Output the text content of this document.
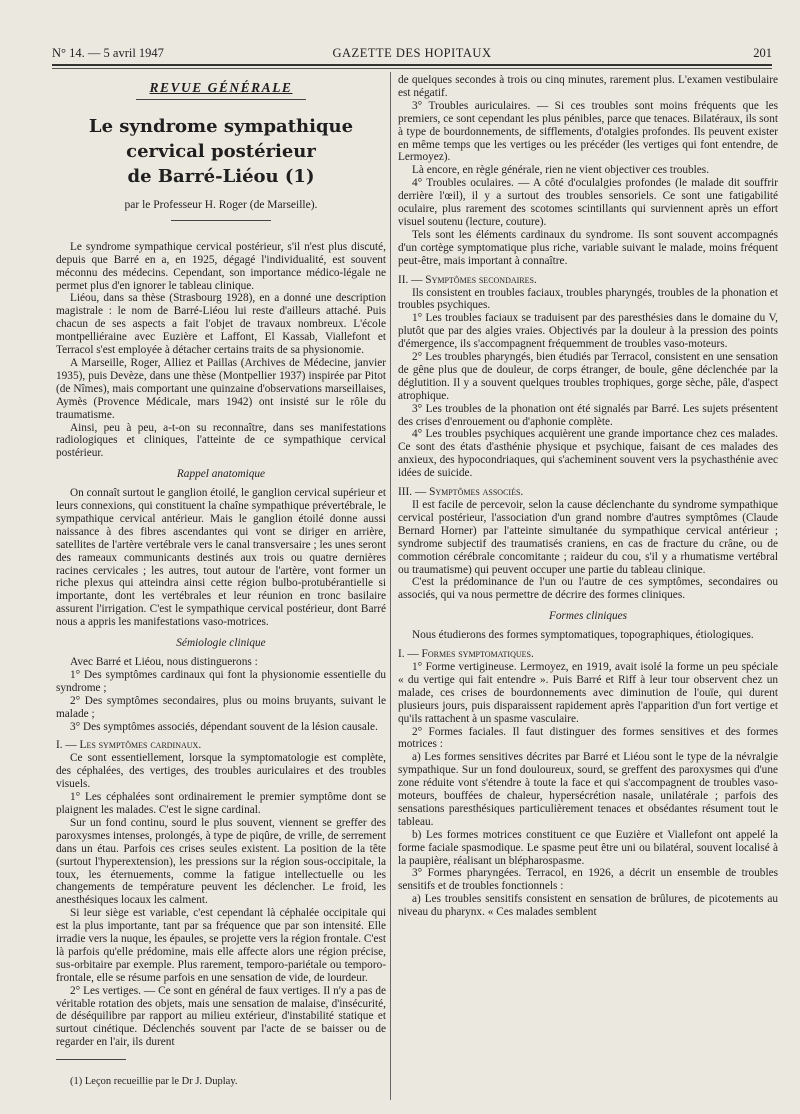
N° 14. — 5 avril 1947	GAZETTE DES HOPITAUX	201
REVUE GÉNÉRALE
Le syndrome sympathique cervical postérieur
de Barré-Liéou (1)
par le Professeur H. Roger (de Marseille).

Le syndrome sympathique cervical postérieur, s'il n'est plus discuté, depuis que Barré en a, en 1925, dégagé l'individualité, est souvent méconnu des médecins. Cependant, son importance médico-légale ne permet plus d'en ignorer le tableau clinique.

Liéou, dans sa thèse (Strasbourg 1928), en a donné une description magistrale : le nom de Barré-Liéou lui reste d'ailleurs attaché. Puis chacun de ses aspects a fait l'objet de travaux nombreux. L'école montpelliéraine avec Euzière et Laffont, El Kassab, Viallefont et Terracol s'est employée à détacher certains traits de sa physionomie.

A Marseille, Roger, Alliez et Paillas (Archives de Médecine, janvier 1935), puis Devèze, dans une thèse (Montpellier 1937) inspirée par Pitot (de Nîmes), mais comportant une quinzaine d'observations marseillaises, Aymès (Provence Médicale, mars 1942) ont insisté sur le rôle du traumatisme.

Ainsi, peu à peu, a-t-on su reconnaître, dans ses manifestations radiologiques et cliniques, l'atteinte de ce sympathique cervical postérieur.

Rappel anatomique

On connaît surtout le ganglion étoilé, le ganglion cervical supérieur et leurs connexions, qui constituent la chaîne sympathique prévertébrale, le sympathique cervical antérieur. Mais le ganglion étoilé donne aussi naissance à des fibres ascendantes qui vont se diriger en arrière, satellites de l'artère vertébrale vers le canal transversaire ; les unes seront des rameaux communicants destinés aux trois ou quatre dernières racines cervicales ; les autres, tout autour de l'artère, vont former un riche plexus qui atteindra ainsi cette région bulbo-protubérantielle si importante, dont les vertébrales et leur réunion en tronc basilaire assurent l'irrigation. C'est le sympathique cervical postérieur, dont Barré nous a appris les manifestations vaso-motrices.

Sémiologie clinique

Avec Barré et Liéou, nous distinguerons :

1° Des symptômes cardinaux qui font la physionomie essentielle du syndrome ;

2° Des symptômes secondaires, plus ou moins bruyants, suivant le malade ;

3° Des symptômes associés, dépendant souvent de la lésion causale.

I. — Les symptômes cardinaux.

Ce sont essentiellement, lorsque la symptomatologie est complète, des céphalées, des vertiges, des troubles auriculaires et des troubles visuels.

1° Les céphalées sont ordinairement le premier symptôme dont se plaignent les malades. C'est le signe cardinal.

Sur un fond continu, sourd le plus souvent, viennent se greffer des paroxysmes intenses, prolongés, à type de piqûre, de vrille, de serrement dans un étau. Parfois ces crises seules existent. La position de la tête (surtout l'hyperextension), les pressions sur la région sous-occipitale, la toux, les éternuements, comme la fatigue intellectuelle ou les changements de température peuvent les déclencher. Le froid, les anesthésiques locaux les calment.

Si leur siège est variable, c'est cependant là céphalée occipitale qui est la plus importante, tant par sa fréquence que par son intensité. Elle irradie vers la nuque, les épaules, se projette vers la région frontale. C'est là parfois qu'elle prédomine, mais elle affecte alors une région précise, sus-orbitaire par exemple. Plus rarement, temporo-pariétale ou temporo-frontale, elle se résume parfois en une sensation de vide, de lourdeur.

2° Les vertiges. — Ce sont en général de faux vertiges. Il n'y a pas de véritable rotation des objets, mais une sensation de malaise, d'insécurité, de déséquilibre par rapport au milieu extérieur, d'instabilité statique et surtout cinétique. Déclenchés souvent par l'acte de se baisser ou de regarder en l'air, ils durent

(1) Leçon recueillie par le Dr J. Duplay.

de quelques secondes à trois ou cinq minutes, rarement plus. L'examen vestibulaire est négatif.

3° Troubles auriculaires. — Si ces troubles sont moins fréquents que les premiers, ce sont cependant les plus pénibles, parce que tenaces. Bilatéraux, ils sont à type de bourdonnements, de sifflements, d'otalgies profondes. Ils peuvent exister en même temps que les vertiges ou les précéder (les vertiges qui font entendre, de Lermoyez).

Là encore, en règle générale, rien ne vient objectiver ces troubles.

4° Troubles oculaires. — A côté d'oculalgies profondes (le malade dit souffrir derrière l'œil), il y a surtout des troubles sensoriels. Ce sont une fatigabilité oculaire, plus rarement des scotomes scintillants qui surviennent après un effort visuel soutenu (lecture, couture).

Tels sont les éléments cardinaux du syndrome. Ils sont souvent accompagnés d'un cortège symptomatique plus riche, variable suivant le malade, moins fréquent peut-être, mais important à connaître.

II. — Symptômes secondaires.

Ils consistent en troubles faciaux, troubles pharyngés, troubles de la phonation et troubles psychiques.

1° Les troubles faciaux se traduisent par des paresthésies dans le domaine du V, plutôt que par des algies vraies. Objectivés par la douleur à la pression des points d'émergence, ils s'accompagnent fréquemment de troubles vaso-moteurs.

2° Les troubles pharyngés, bien étudiés par Terracol, consistent en une sensation de gêne plus que de douleur, de corps étranger, de boule, gêne déclenchée par la déglutition. Il y a souvent quelques troubles trophiques, gorge sèche, pâle, d'aspect atrophique.

3° Les troubles de la phonation ont été signalés par Barré. Les sujets présentent des crises d'enrouement ou d'aphonie complète.

4° Les troubles psychiques acquièrent une grande importance chez ces malades. Ce sont des états d'asthénie physique et psychique, faisant de ces malades des anxieux, des hypocondriaques, qui s'acheminent souvent vers la psychasthénie avec idées de suicide.

III. — Symptômes associés.

Il est facile de percevoir, selon la cause déclenchante du syndrome sympathique cervical postérieur, l'association d'un grand nombre d'autres symptômes (Claude Bernard Horner) par l'atteinte simultanée du sympathique cervical antérieur ; syndrome subjectif des traumatisés craniens, en cas de fracture du crâne, ou de commotion cérébrale concomitante ; raideur du cou, s'il y a rhumatisme vertébral ou traumatisme) qui peuvent occuper une partie du tableau clinique.

C'est la prédominance de l'un ou l'autre de ces symptômes, secondaires ou associés, qui va nous permettre de décrire des formes cliniques.

Formes cliniques

Nous étudierons des formes symptomatiques, topographiques, étiologiques.

I. — Formes symptomatiques.

1° Forme vertigineuse. Lermoyez, en 1919, avait isolé la forme un peu spéciale « du vertige qui fait entendre ». Puis Barré et Riff à leur tour observent chez un malade, ces crises de bourdonnements avec diminution de l'ouïe, qui durent plusieurs jours, puis disparaissent rapidement après l'apparition d'un fort vertige et qu'ils rattachent à un spasme vasculaire.

2° Formes faciales. Il faut distinguer des formes sensitives et des formes motrices :

a) Les formes sensitives décrites par Barré et Liéou sont le type de la névralgie sympathique. Sur un fond douloureux, sourd, se greffent des paroxysmes qui d'une zone réduite vont s'étendre à toute la face et qui s'accompagnent de troubles vaso-moteurs, bouffées de chaleur, hypersécrétion nasale, unilatérale ; parfois des sensations paresthésiques particulièrement tenaces et obsédantes résument tout le tableau.

b) Les formes motrices constituent ce que Euzière et Viallefont ont appelé la forme faciale spasmodique. Le spasme peut être uni ou bilatéral, souvent localisé à la paupière, réalisant un blépharospasme.

3° Formes pharyngées. Terracol, en 1926, a décrit un ensemble de troubles sensitifs et de troubles fonctionnels :

a) Les troubles sensitifs consistent en sensation de brûlures, de picotements au niveau du pharynx. « Ces malades semblent
